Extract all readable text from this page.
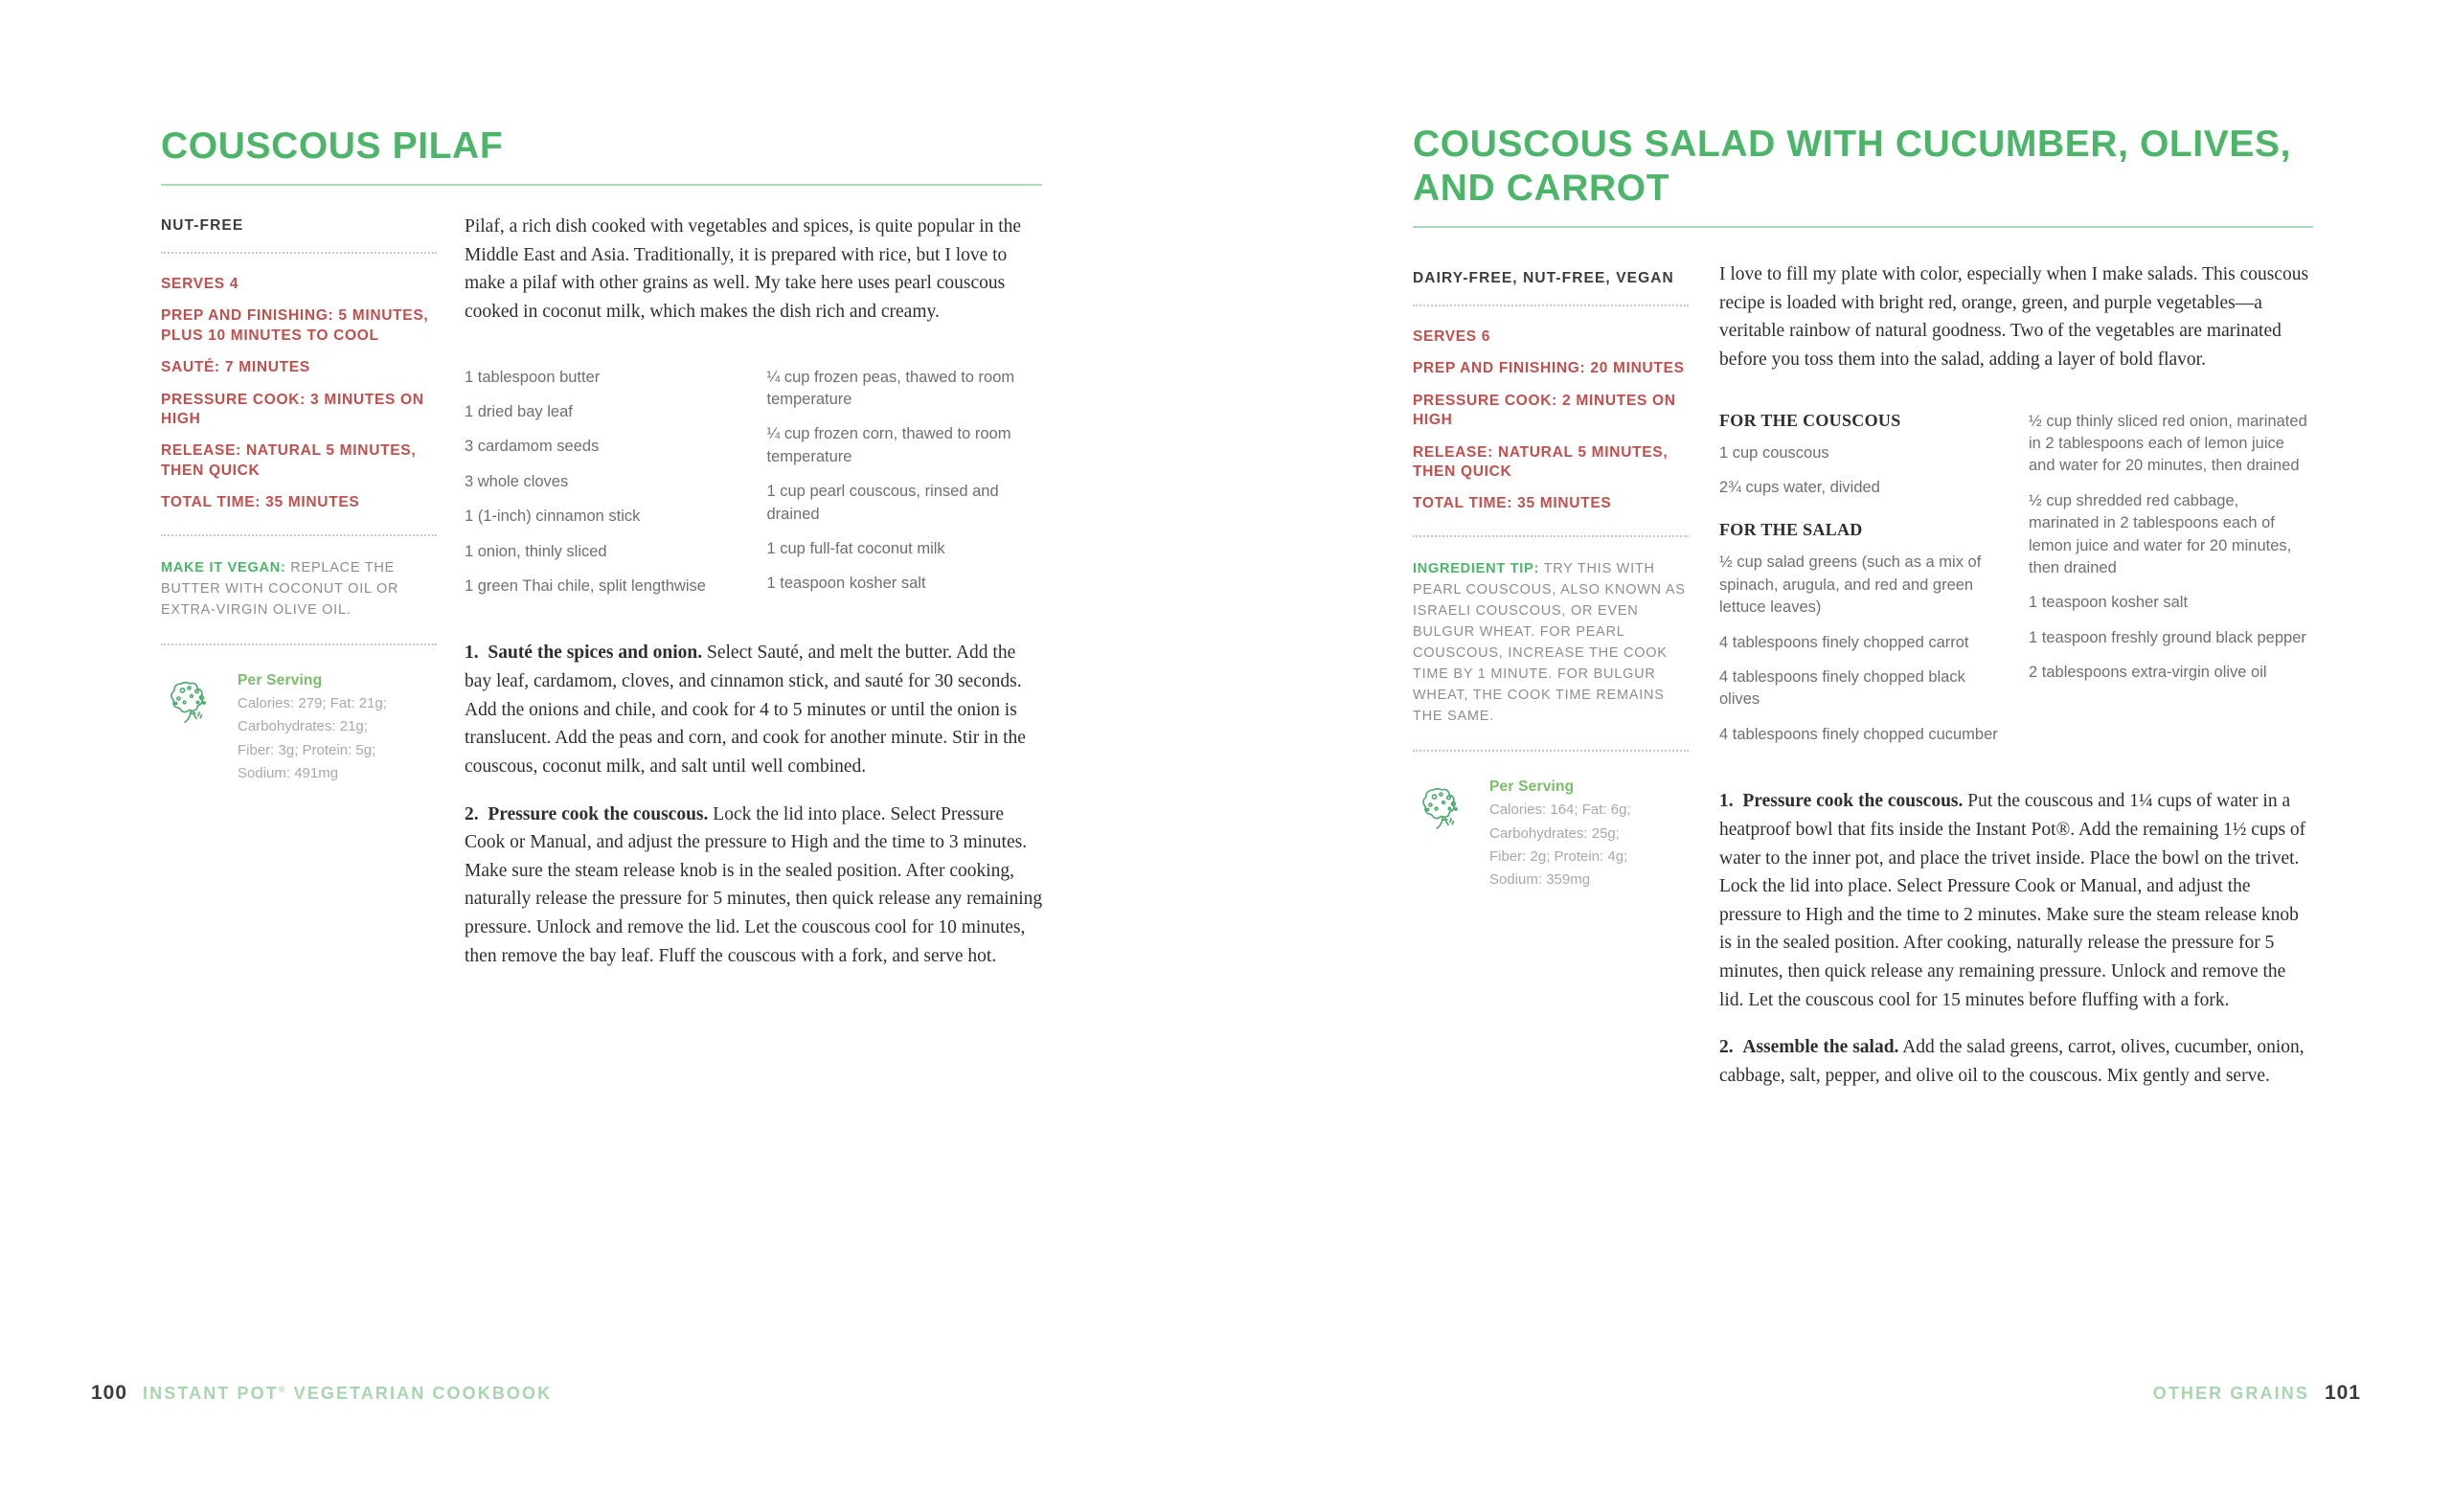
COUSCOUS PILAF
NUT-FREE
SERVES 4
PREP AND FINISHING: 5 MINUTES, PLUS 10 MINUTES TO COOL
SAUTÉ: 7 MINUTES
PRESSURE COOK: 3 MINUTES ON HIGH
RELEASE: NATURAL 5 MINUTES, THEN QUICK
TOTAL TIME: 35 MINUTES
MAKE IT VEGAN: REPLACE THE BUTTER WITH COCONUT OIL OR EXTRA-VIRGIN OLIVE OIL.
Per Serving
Calories: 279; Fat: 21g;
Carbohydrates: 21g;
Fiber: 3g; Protein: 5g;
Sodium: 491mg

Pilaf, a rich dish cooked with vegetables and spices, is quite popular in the Middle East and Asia. Traditionally, it is prepared with rice, but I love to make a pilaf with other grains as well. My take here uses pearl couscous cooked in coconut milk, which makes the dish rich and creamy.

1 tablespoon butter
1 dried bay leaf
3 cardamom seeds
3 whole cloves
1 (1-inch) cinnamon stick
1 onion, thinly sliced
1 green Thai chile, split lengthwise
¼ cup frozen peas, thawed to room temperature
¼ cup frozen corn, thawed to room temperature
1 cup pearl couscous, rinsed and drained
1 cup full-fat coconut milk
1 teaspoon kosher salt

1. Sauté the spices and onion. Select Sauté, and melt the butter. Add the bay leaf, cardamom, cloves, and cinnamon stick, and sauté for 30 seconds. Add the onions and chile, and cook for 4 to 5 minutes or until the onion is translucent. Add the peas and corn, and cook for another minute. Stir in the couscous, coconut milk, and salt until well combined.

2. Pressure cook the couscous. Lock the lid into place. Select Pressure Cook or Manual, and adjust the pressure to High and the time to 3 minutes. Make sure the steam release knob is in the sealed position. After cooking, naturally release the pressure for 5 minutes, then quick release any remaining pressure. Unlock and remove the lid. Let the couscous cool for 10 minutes, then remove the bay leaf. Fluff the couscous with a fork, and serve hot.

100 INSTANT POT® VEGETARIAN COOKBOOK
COUSCOUS SALAD WITH CUCUMBER, OLIVES, AND CARROT
DAIRY-FREE, NUT-FREE, VEGAN
SERVES 6
PREP AND FINISHING: 20 MINUTES
PRESSURE COOK: 2 MINUTES ON HIGH
RELEASE: NATURAL 5 MINUTES, THEN QUICK
TOTAL TIME: 35 MINUTES
INGREDIENT TIP: TRY THIS WITH PEARL COUSCOUS, ALSO KNOWN AS ISRAELI COUSCOUS, OR EVEN BULGUR WHEAT. FOR PEARL COUSCOUS, INCREASE THE COOK TIME BY 1 MINUTE. FOR BULGUR WHEAT, THE COOK TIME REMAINS THE SAME.
Per Serving
Calories: 164; Fat: 6g;
Carbohydrates: 25g;
Fiber: 2g; Protein: 4g;
Sodium: 359mg

I love to fill my plate with color, especially when I make salads. This couscous recipe is loaded with bright red, orange, green, and purple vegetables—a veritable rainbow of natural goodness. Two of the vegetables are marinated before you toss them into the salad, adding a layer of bold flavor.

FOR THE COUSCOUS
1 cup couscous
2¾ cups water, divided
FOR THE SALAD
½ cup salad greens (such as a mix of spinach, arugula, and red and green lettuce leaves)
4 tablespoons finely chopped carrot
4 tablespoons finely chopped black olives
4 tablespoons finely chopped cucumber
½ cup thinly sliced red onion, marinated in 2 tablespoons each of lemon juice and water for 20 minutes, then drained
½ cup shredded red cabbage, marinated in 2 tablespoons each of lemon juice and water for 20 minutes, then drained
1 teaspoon kosher salt
1 teaspoon freshly ground black pepper
2 tablespoons extra-virgin olive oil

1. Pressure cook the couscous. Put the couscous and 1¼ cups of water in a heatproof bowl that fits inside the Instant Pot®. Add the remaining 1½ cups of water to the inner pot, and place the trivet inside. Place the bowl on the trivet. Lock the lid into place. Select Pressure Cook or Manual, and adjust the pressure to High and the time to 2 minutes. Make sure the steam release knob is in the sealed position. After cooking, naturally release the pressure for 5 minutes, then quick release any remaining pressure. Unlock and remove the lid. Let the couscous cool for 15 minutes before fluffing with a fork.

2. Assemble the salad. Add the salad greens, carrot, olives, cucumber, onion, cabbage, salt, pepper, and olive oil to the couscous. Mix gently and serve.

OTHER GRAINS 101
